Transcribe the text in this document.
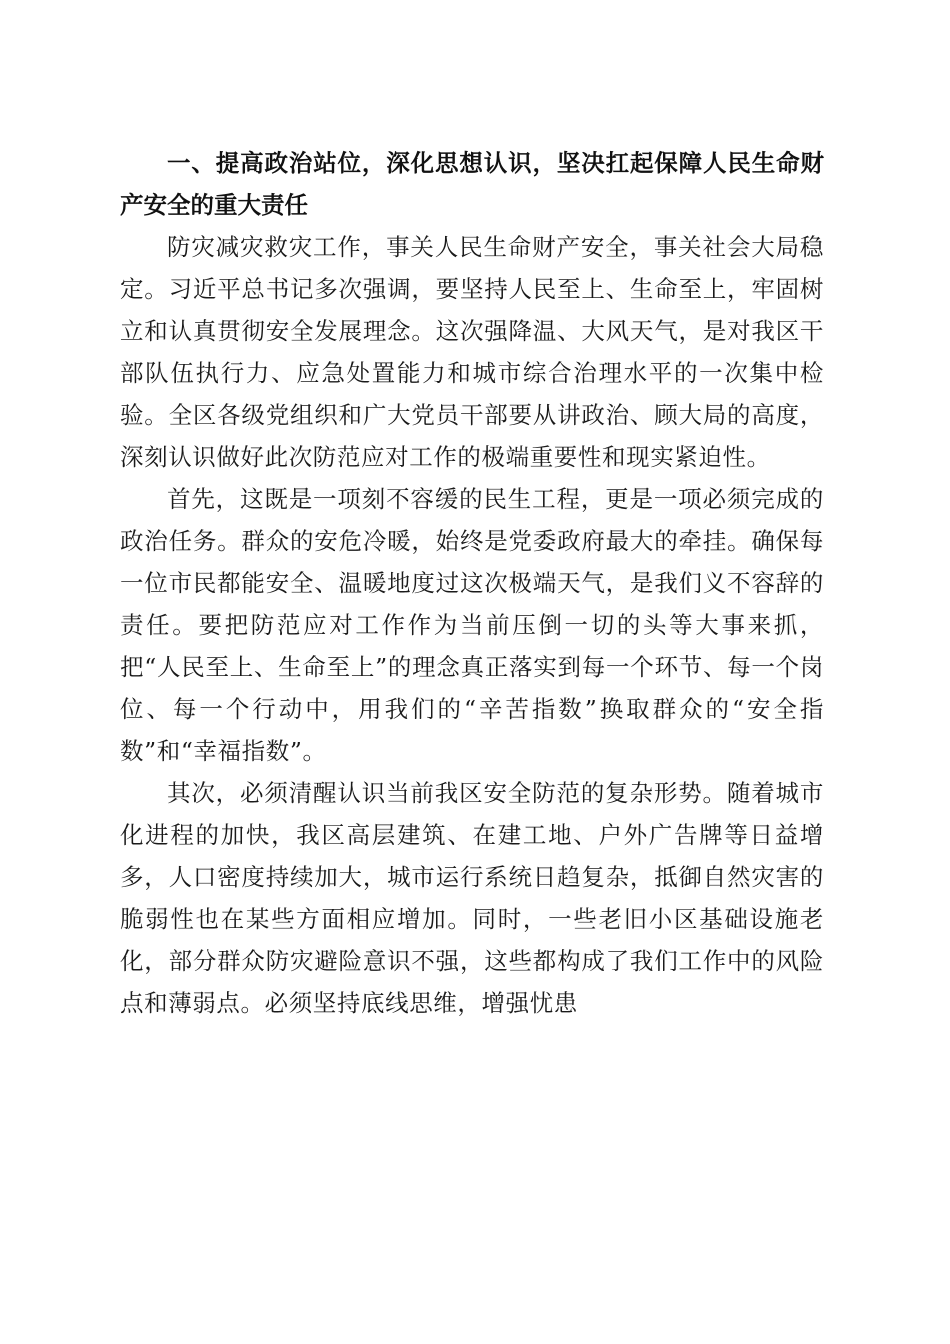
一、提高政治站位，深化思想认识，坚决扛起保障人民生命财产安全的重大责任

防灾减灾救灾工作，事关人民生命财产安全，事关社会大局稳定。习近平总书记多次强调，要坚持人民至上、生命至上，牢固树立和认真贯彻安全发展理念。这次强降温、大风天气，是对我区干部队伍执行力、应急处置能力和城市综合治理水平的一次集中检验。全区各级党组织和广大党员干部要从讲政治、顾大局的高度，深刻认识做好此次防范应对工作的极端重要性和现实紧迫性。

首先，这既是一项刻不容缓的民生工程，更是一项必须完成的政治任务。群众的安危冷暖，始终是党委政府最大的牵挂。确保每一位市民都能安全、温暖地度过这次极端天气，是我们义不容辞的责任。要把防范应对工作作为当前压倒一切的头等大事来抓，把“人民至上、生命至上”的理念真正落实到每一个环节、每一个岗位、每一个行动中，用我们的“辛苦指数”换取群众的“安全指数”和“幸福指数”。

其次，必须清醒认识当前我区安全防范的复杂形势。随着城市化进程的加快，我区高层建筑、在建工地、户外广告牌等日益增多，人口密度持续加大，城市运行系统日趋复杂，抵御自然灾害的脆弱性也在某些方面相应增加。同时，一些老旧小区基础设施老化，部分群众防灾避险意识不强，这些都构成了我们工作中的风险点和薄弱点。必须坚持底线思维，增强忧患
